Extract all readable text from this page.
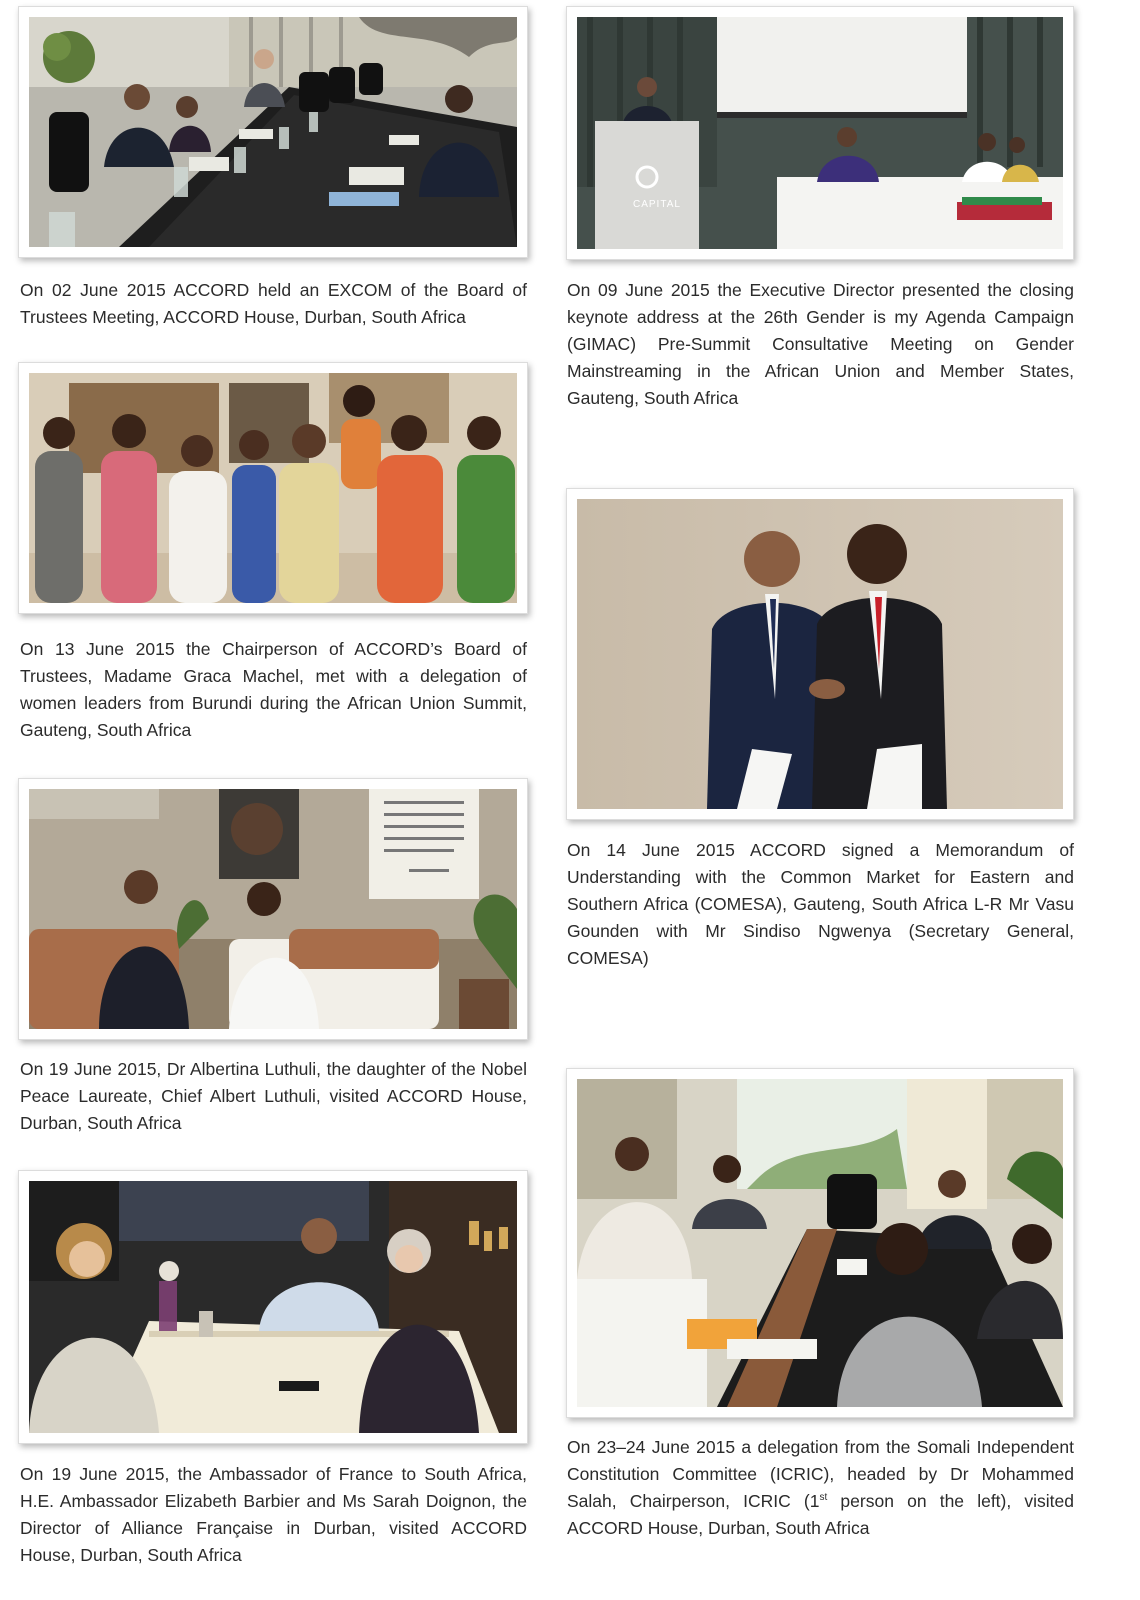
On 02 June 2015 ACCORD held an EXCOM of the Board of Trustees Meeting, ACCORD House, Durban, South Africa
CAPITAL
On 09 June 2015 the Executive Director presented the closing keynote address at the 26th Gender is my Agenda Campaign (GIMAC) Pre-Summit Consultative Meeting on Gender Mainstreaming in the African Union and Member States, Gauteng, South Africa
On 13 June 2015 the Chairperson of ACCORD’s Board of Trustees, Madame Graca Machel, met with a delegation of women leaders from Burundi during the African Union Summit, Gauteng, South Africa
On 14 June 2015 ACCORD signed a Memorandum of Understanding with the Common Market for Eastern and Southern Africa (COMESA), Gauteng, South Africa L-R Mr Vasu Gounden with Mr Sindiso Ngwenya (Secretary General, COMESA)
On 19 June 2015, Dr Albertina Luthuli, the daughter of the Nobel Peace Laureate, Chief Albert Luthuli, visited ACCORD House, Durban, South Africa
On 23–24 June 2015 a delegation from the Somali Independent Constitution Committee (ICRIC), headed by Dr Mohammed Salah, Chairperson, ICRIC (1st person on the left), visited ACCORD House, Durban, South Africa
On 19 June 2015, the Ambassador of France to South Africa, H.E. Ambassador Elizabeth Barbier and Ms Sarah Doignon, the Director of Alliance Française in Durban, visited ACCORD House, Durban, South Africa
